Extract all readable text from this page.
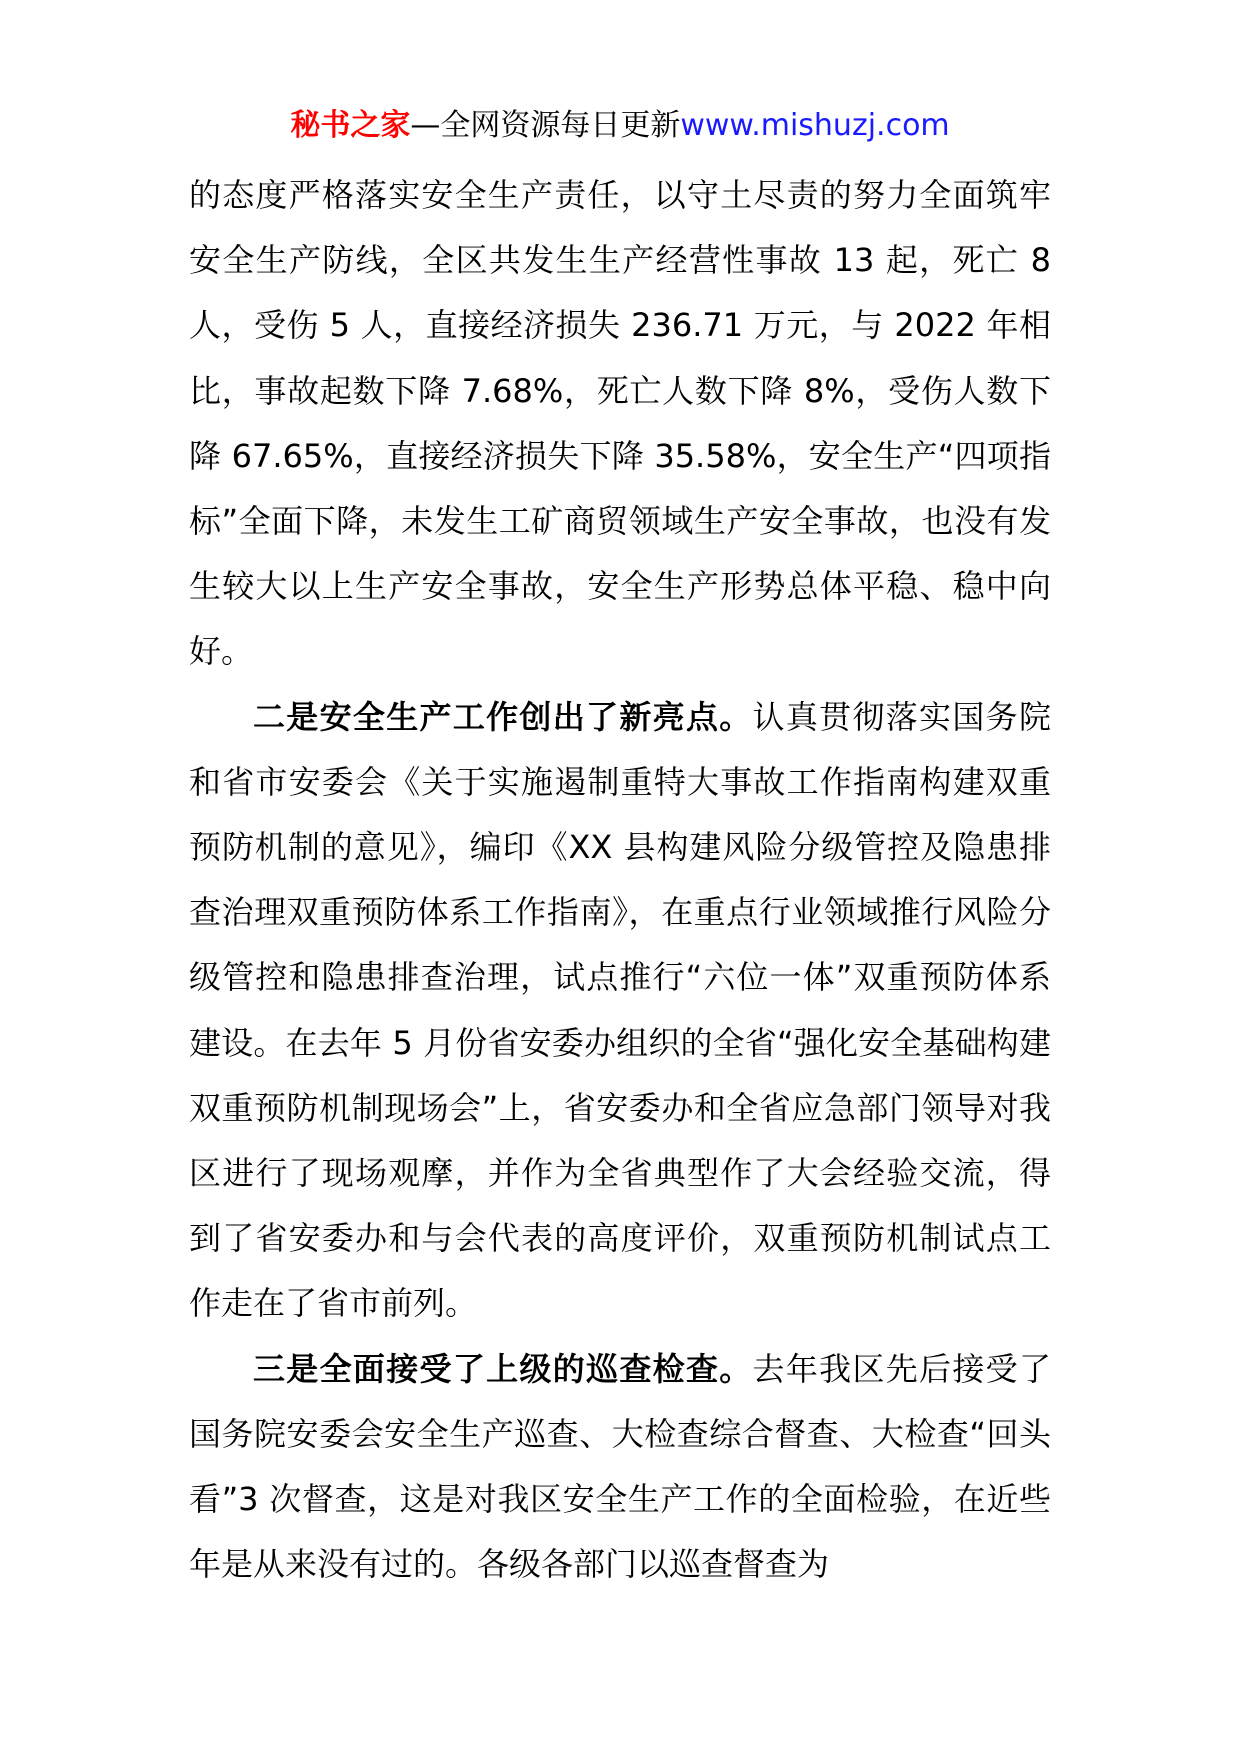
秘书之家—全网资源每日更新www.mishuzj.com

的态度严格落实安全生产责任，以守土尽责的努力全面筑牢安全生产防线，全区共发生生产经营性事故 13 起，死亡 8 人，受伤 5 人，直接经济损失 236.71 万元，与 2022 年相比，事故起数下降 7.68%，死亡人数下降 8%，受伤人数下降 67.65%，直接经济损失下降 35.58%，安全生产“四项指标”全面下降，未发生工矿商贸领域生产安全事故，也没有发生较大以上生产安全事故，安全生产形势总体平稳、稳中向好。

二是安全生产工作创出了新亮点。认真贯彻落实国务院和省市安委会《关于实施遏制重特大事故工作指南构建双重预防机制的意见》，编印《XX 县构建风险分级管控及隐患排查治理双重预防体系工作指南》，在重点行业领域推行风险分级管控和隐患排查治理，试点推行“六位一体”双重预防体系建设。在去年 5 月份省安委办组织的全省“强化安全基础构建双重预防机制现场会”上，省安委办和全省应急部门领导对我区进行了现场观摩，并作为全省典型作了大会经验交流，得到了省安委办和与会代表的高度评价，双重预防机制试点工作走在了省市前列。

三是全面接受了上级的巡查检查。去年我区先后接受了国务院安委会安全生产巡查、大检查综合督查、大检查“回头看”3 次督查，这是对我区安全生产工作的全面检验，在近些年是从来没有过的。各级各部门以巡查督查为
